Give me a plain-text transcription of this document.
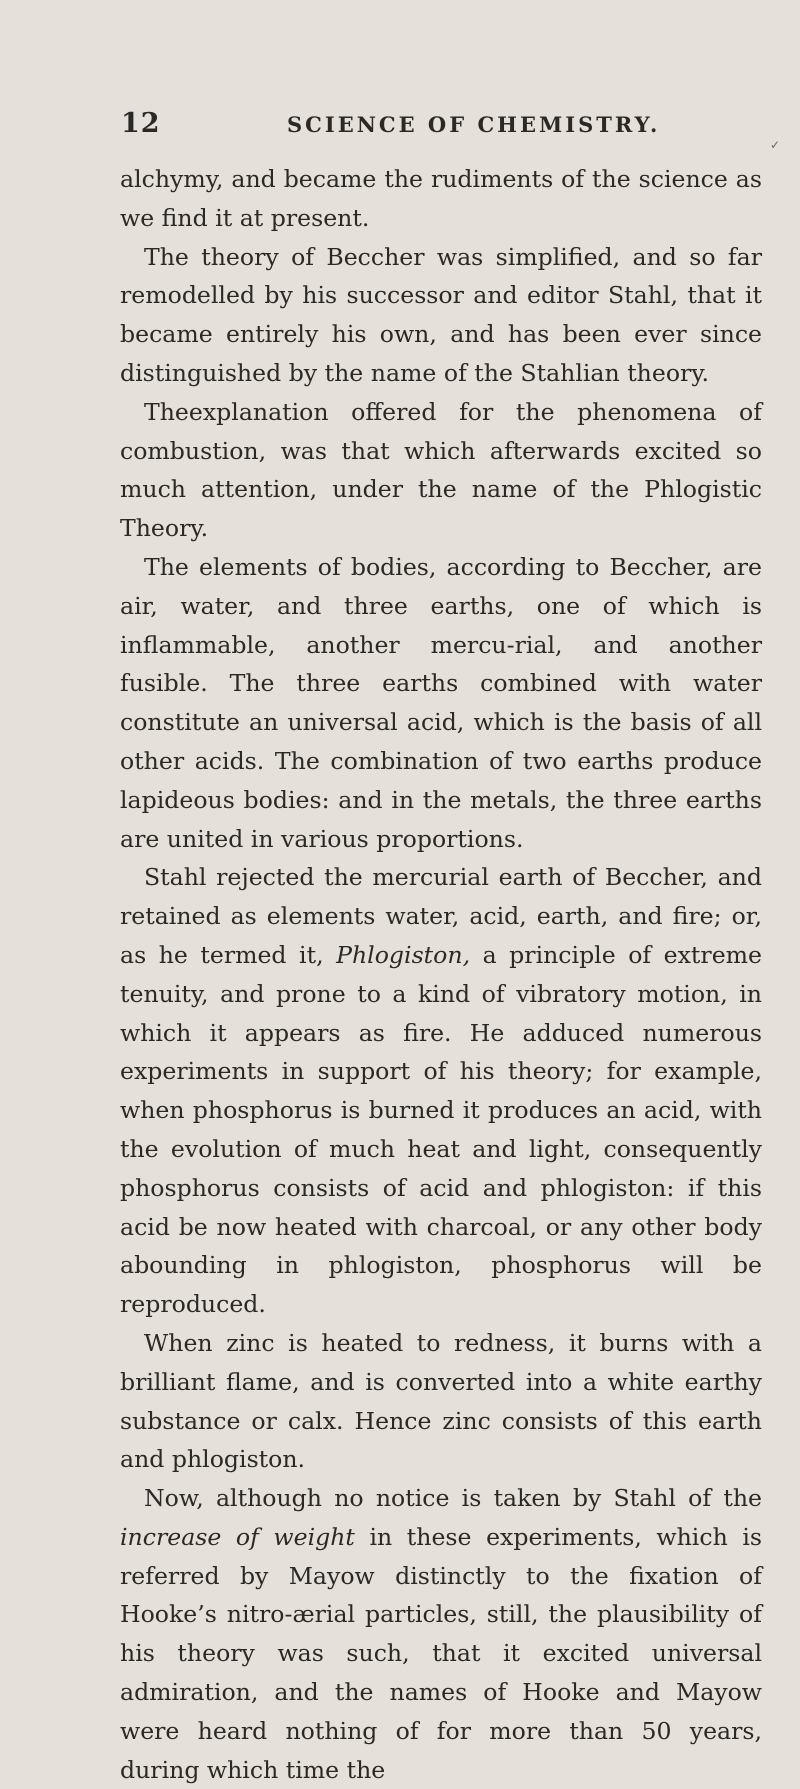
12	SCIENCE OF CHEMISTRY.

alchymy, and became the rudiments of the science as we find it at present.

The theory of Beccher was simplified, and so far remodelled by his successor and editor Stahl, that it became entirely his own, and has been ever since distinguished by the name of the Stahlian theory.

Theexplanation offered for the phenomena of combustion, was that which afterwards excited so much attention, under the name of the Phlogistic Theory.

The elements of bodies, according to Beccher, are air, water, and three earths, one of which is inflammable, another mercu-rial, and another fusible. The three earths combined with water constitute an universal acid, which is the basis of all other acids. The combination of two earths produce lapideous bodies: and in the metals, the three earths are united in various proportions.

Stahl rejected the mercurial earth of Beccher, and retained as elements water, acid, earth, and fire; or, as he termed it, Phlogiston, a principle of extreme tenuity, and prone to a kind of vibratory motion, in which it appears as fire. He adduced numerous experiments in support of his theory; for example, when phosphorus is burned it produces an acid, with the evolution of much heat and light, consequently phosphorus consists of acid and phlogiston: if this acid be now heated with charcoal, or any other body abounding in phlogiston, phosphorus will be reproduced.

When zinc is heated to redness, it burns with a brilliant flame, and is converted into a white earthy substance or calx. Hence zinc consists of this earth and phlogiston.

Now, although no notice is taken by Stahl of the increase of weight in these experiments, which is referred by Mayow distinctly to the fixation of Hooke’s nitro-ærial particles, still, the plausibility of his theory was such, that it excited universal admiration, and the names of Hooke and Mayow were heard nothing of for more than 50 years, during which time the

✓
